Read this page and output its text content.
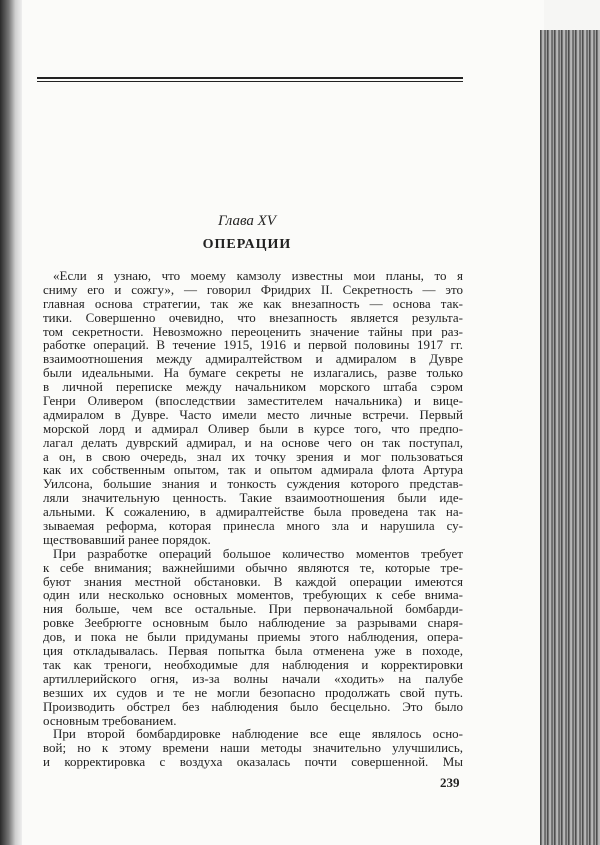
Глава XV
ОПЕРАЦИИ
«Если я узнаю, что моему камзолу известны мои планы, то я
сниму его и сожгу», — говорил Фридрих II. Секретность — это
главная основа стратегии, так же как внезапность — основа так-
тики. Совершенно очевидно, что внезапность является результа-
том секретности. Невозможно переоценить значение тайны при раз-
работке операций. В течение 1915, 1916 и первой половины 1917 гг.
взаимоотношения между адмиралтейством и адмиралом в Дувре
были идеальными. На бумаге секреты не излагались, разве только
в личной переписке между начальником морского штаба сэром
Генри Оливером (впоследствии заместителем начальника) и вице-
адмиралом в Дувре. Часто имели место личные встречи. Первый
морской лорд и адмирал Оливер были в курсе того, что предпо-
лагал делать дуврский адмирал, и на основе чего он так поступал,
а он, в свою очередь, знал их точку зрения и мог пользоваться
как их собственным опытом, так и опытом адмирала флота Артура
Уилсона, большие знания и тонкость суждения которого представ-
ляли значительную ценность. Такие взаимоотношения были иде-
альными. К сожалению, в адмиралтействе была проведена так на-
зываемая реформа, которая принесла много зла и нарушила су-
ществовавший ранее порядок.
При разработке операций большое количество моментов требует
к себе внимания; важнейшими обычно являются те, которые тре-
буют знания местной обстановки. В каждой операции имеются
один или несколько основных моментов, требующих к себе внима-
ния больше, чем все остальные. При первоначальной бомбарди-
ровке Зеебрюгге основным было наблюдение за разрывами снаря-
дов, и пока не были придуманы приемы этого наблюдения, опера-
ция откладывалась. Первая попытка была отменена уже в походе,
так как треноги, необходимые для наблюдения и корректировки
артиллерийского огня, из-за волны начали «ходить» на палубе
везших их судов и те не могли безопасно продолжать свой путь.
Производить обстрел без наблюдения было бесцельно. Это было
основным требованием.
При второй бомбардировке наблюдение все еще являлось осно-
вой; но к этому времени наши методы значительно улучшились,
и корректировка с воздуха оказалась почти совершенной. Мы
239
